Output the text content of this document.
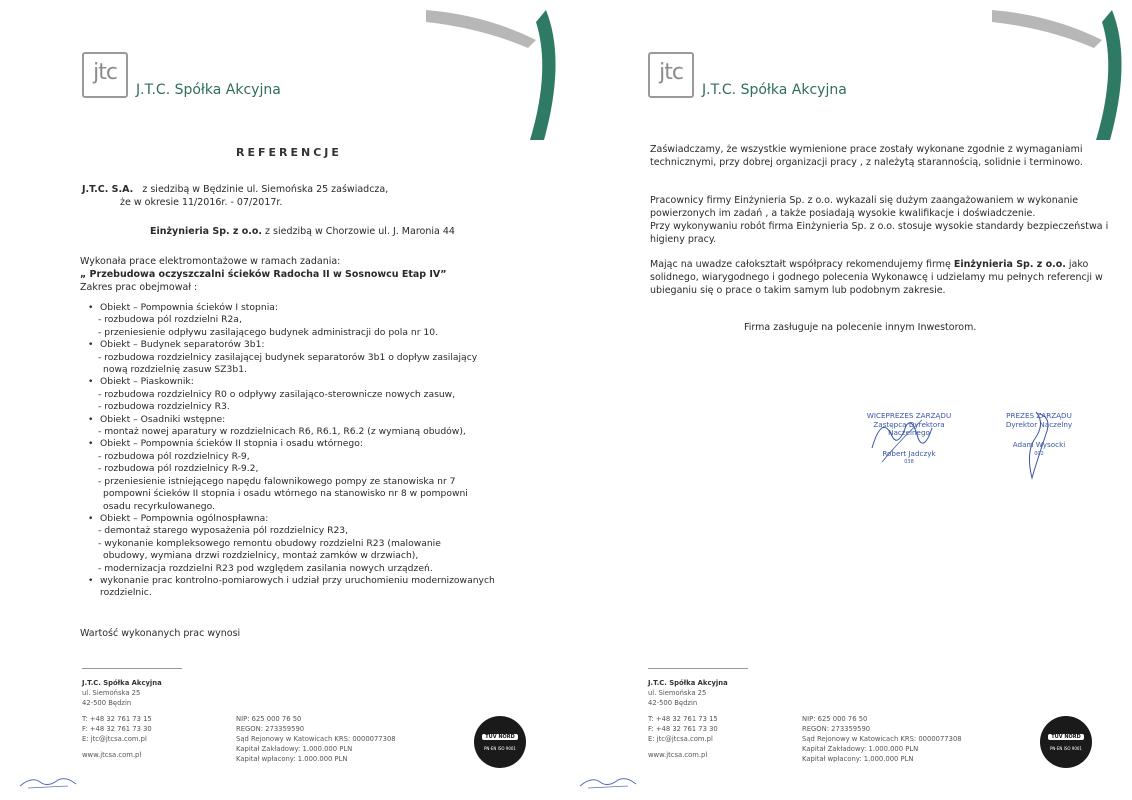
jtc
J.T.C. Spółka Akcyjna
REFERENCJE
J.T.C. S.A. z siedzibą w Będzinie ul. Siemońska 25 zaświadcza,
że w okresie 11/2016r. - 07/2017r.
Einżynieria Sp. z o.o. z siedzibą w Chorzowie ul. J. Maronia 44
Wykonała prace elektromontażowe w ramach zadania:
„ Przebudowa oczyszczalni ścieków Radocha II w Sosnowcu Etap IV”
Zakres prac obejmował :
• Obiekt – Pompownia ścieków I stopnia:
- rozbudowa pól rozdzielni R2a,
- przeniesienie odpływu zasilającego budynek administracji do pola nr 10.
• Obiekt – Budynek separatorów 3b1:
- rozbudowa rozdzielnicy zasilającej budynek separatorów 3b1 o dopływ zasilający
nową rozdzielnię zasuw SZ3b1.
• Obiekt – Piaskownik:
- rozbudowa rozdzielnicy R0 o odpływy zasilająco-sterownicze nowych zasuw,
- rozbudowa rozdzielnicy R3.
• Obiekt – Osadniki wstępne:
- montaż nowej aparatury w rozdzielnicach R6, R6.1, R6.2 (z wymianą obudów),
• Obiekt – Pompownia ścieków II stopnia i osadu wtórnego:
- rozbudowa pól rozdzielnicy R-9,
- rozbudowa pól rozdzielnicy R-9.2,
- przeniesienie istniejącego napędu falownikowego pompy ze stanowiska nr 7
pompowni ścieków II stopnia i osadu wtórnego na stanowisko nr 8 w pompowni
osadu recyrkulowanego.
• Obiekt – Pompownia ogólnospławna:
- demontaż starego wyposażenia pól rozdzielnicy R23,
- wykonanie kompleksowego remontu obudowy rozdzielni R23 (malowanie
obudowy, wymiana drzwi rozdzielnicy, montaż zamków w drzwiach),
- modernizacja rozdzielni R23 pod względem zasilania nowych urządzeń.
• wykonanie prac kontrolno-pomiarowych i udział przy uruchomieniu modernizowanych
rozdzielnic.
Wartość wykonanych prac wynosi
J.T.C. Spółka Akcyjna
ul. Siemońska 25
42-500 Będzin
T: +48 32 761 73 15
F: +48 32 761 73 30
E: jtc@jtcsa.com.pl
www.jtcsa.com.pl
NIP: 625 000 76 50
REGON: 273359590
Sąd Rejonowy w Katowicach KRS: 0000077308
Kapitał Zakładowy: 1.000.000 PLN
Kapitał wpłacony: 1.000.000 PLN
TÜV NORD
PN-EN ISO 9001
jtc
J.T.C. Spółka Akcyjna
Zaświadczamy, że wszystkie wymienione prace zostały wykonane zgodnie z wymaganiami
technicznymi, przy dobrej organizacji pracy , z należytą starannością, solidnie i terminowo.
Pracownicy firmy Einżynieria Sp. z o.o. wykazali się dużym zaangażowaniem w wykonanie
powierzonych im zadań , a także posiadają wysokie kwalifikacje i doświadczenie.
Przy wykonywaniu robót firma Einżynieria Sp. z o.o. stosuje wysokie standardy bezpieczeństwa i
higieny pracy.
Mając na uwadze całokształt współpracy rekomendujemy firmę Einżynieria Sp. z o.o. jako
solidnego, wiarygodnego i godnego polecenia Wykonawcę i udzielamy mu pełnych referencji w
ubieganiu się o prace o takim samym lub podobnym zakresie.
Firma zasługuje na polecenie innym Inwestorom.
WICEPREZES ZARZĄDU
Zastępca Dyrektora Naczelnego
Robert Jadczyk
038
PREZES ZARZĄDU
Dyrektor Naczelny
Adam Wysocki
002
J.T.C. Spółka Akcyjna
ul. Siemońska 25
42-500 Będzin
T: +48 32 761 73 15
F: +48 32 761 73 30
E: jtc@jtcsa.com.pl
www.jtcsa.com.pl
NIP: 625 000 76 50
REGON: 273359590
Sąd Rejonowy w Katowicach KRS: 0000077308
Kapitał Zakładowy: 1.000.000 PLN
Kapitał wpłacony: 1.000.000 PLN
TÜV NORD
PN-EN ISO 9001
